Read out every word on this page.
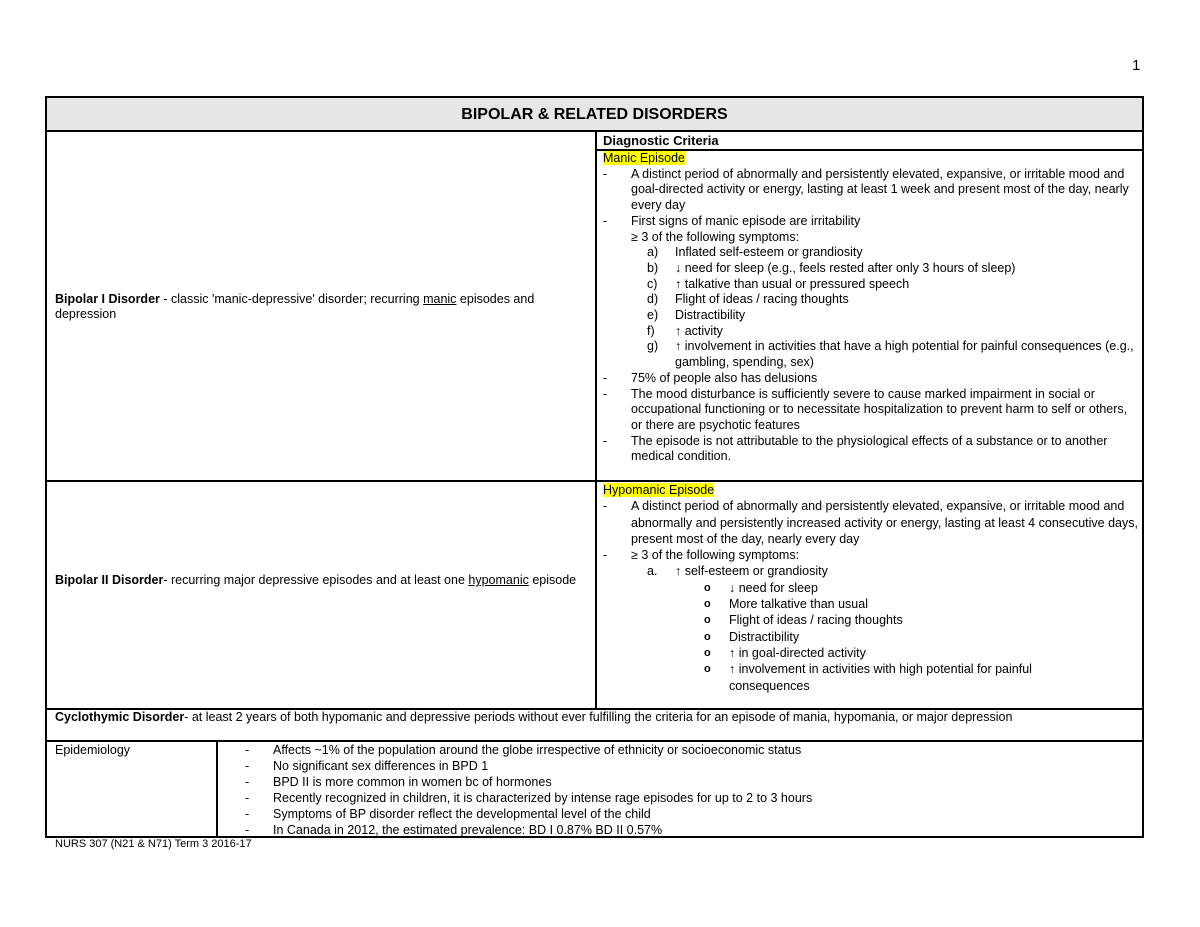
1
BIPOLAR & RELATED DISORDERS
Diagnostic Criteria
Bipolar I Disorder - classic 'manic-depressive' disorder; recurring manic episodes and depression
Manic Episode
- A distinct period of abnormally and persistently elevated, expansive, or irritable mood and goal-directed activity or energy, lasting at least 1 week and present most of the day, nearly every day
- First signs of manic episode are irritability
≥ 3 of the following symptoms:
a) Inflated self-esteem or grandiosity
b) ↓ need for sleep (e.g., feels rested after only 3 hours of sleep)
c) ↑ talkative than usual or pressured speech
d) Flight of ideas / racing thoughts
e) Distractibility
f) ↑ activity
g) ↑ involvement in activities that have a high potential for painful consequences (e.g., gambling, spending, sex)
- 75% of people also has delusions
- The mood disturbance is sufficiently severe to cause marked impairment in social or occupational functioning or to necessitate hospitalization to prevent harm to self or others, or there are psychotic features
- The episode is not attributable to the physiological effects of a substance or to another medical condition.
Bipolar II Disorder- recurring major depressive episodes and at least one hypomanic episode
Hypomanic Episode
- A distinct period of abnormally and persistently elevated, expansive, or irritable mood and abnormally and persistently increased activity or energy, lasting at least 4 consecutive days, present most of the day, nearly every day
- ≥ 3 of the following symptoms:
a. ↑ self-esteem or grandiosity
o ↓ need for sleep
o More talkative than usual
o Flight of ideas / racing thoughts
o Distractibility
o ↑ in goal-directed activity
o ↑ involvement in activities with high potential for painful consequences
Cyclothymic Disorder- at least 2 years of both hypomanic and depressive periods without ever fulfilling the criteria for an episode of mania, hypomania, or major depression
Epidemiology	- Affects ~1% of the population around the globe irrespective of ethnicity or socioeconomic status
- No significant sex differences in BPD 1
- BPD II is more common in women bc of hormones
- Recently recognized in children, it is characterized by intense rage episodes for up to 2 to 3 hours
- Symptoms of BP disorder reflect the developmental level of the child
- In Canada in 2012, the estimated prevalence: BD I 0.87% BD II 0.57%
NURS 307 (N21 & N71) Term 3 2016-17
